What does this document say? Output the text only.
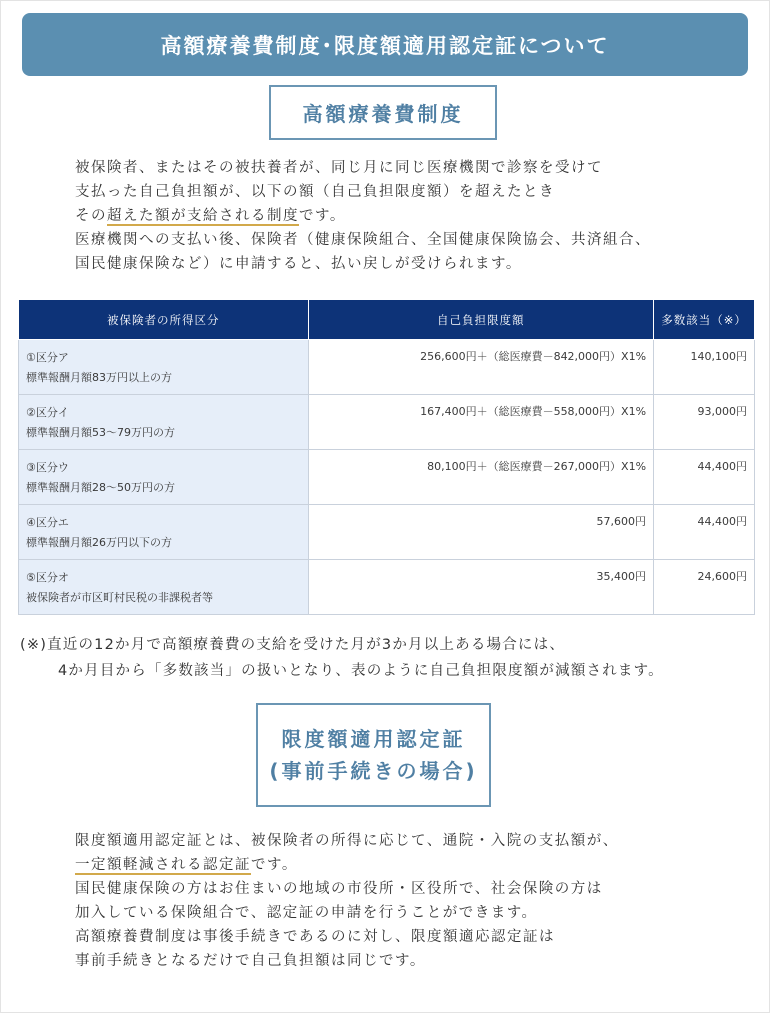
高額療養費制度･限度額適用認定証について
高額療養費制度
被保険者、またはその被扶養者が、同じ月に同じ医療機関で診察を受けて
支払った自己負担額が、以下の額（自己負担限度額）を超えたとき
その超えた額が支給される制度です。
医療機関への支払い後、保険者（健康保険組合、全国健康保険協会、共済組合、
国民健康保険など）に申請すると、払い戻しが受けられます。
被保険者の所得区分	自己負担限度額	多数該当（※）

①区分ア
標準報酬月額83万円以上の方	256,600円＋（総医療費－842,000円）X1%	140,100円

②区分イ
標準報酬月額53～79万円の方	167,400円＋（総医療費－558,000円）X1%	93,000円

③区分ウ
標準報酬月額28～50万円の方	80,100円＋（総医療費－267,000円）X1%	44,400円

④区分エ
標準報酬月額26万円以下の方	57,600円	44,400円

⑤区分オ
被保険者が市区町村民税の非課税者等	35,400円	24,600円
(※)直近の12か月で高額療養費の支給を受けた月が3か月以上ある場合には、
4か月目から「多数該当」の扱いとなり、表のように自己負担限度額が減額されます。
限度額適用認定証
(事前手続きの場合)
限度額適用認定証とは、被保険者の所得に応じて、通院・入院の支払額が、
一定額軽減される認定証です。
国民健康保険の方はお住まいの地域の市役所・区役所で、社会保険の方は
加入している保険組合で、認定証の申請を行うことができます。
高額療養費制度は事後手続きであるのに対し、限度額適応認定証は
事前手続きとなるだけで自己負担額は同じです。
